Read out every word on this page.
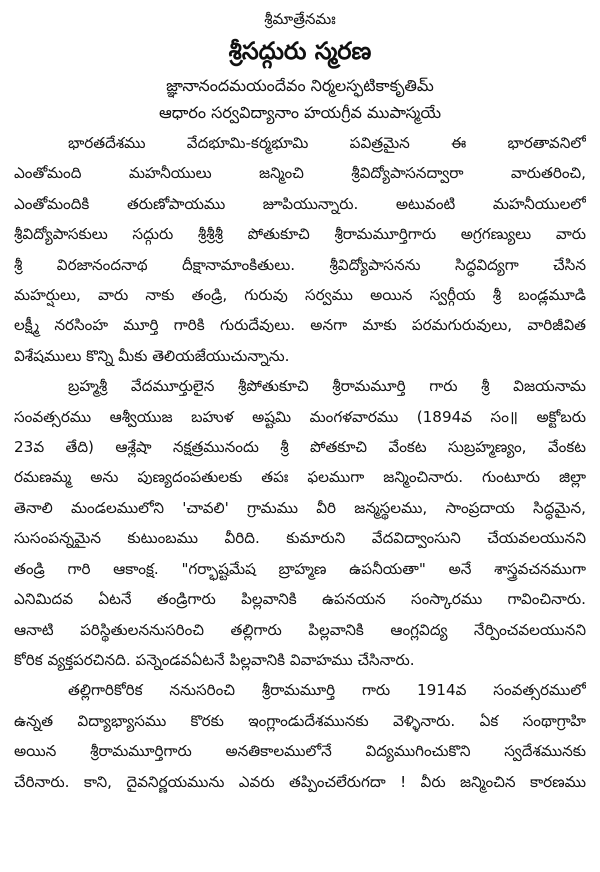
శ్రీమాత్రేనమః

శ్రీసద్గురు స్మరణ

జ్ఞానానందమయందేవం నిర్మలస్ఫటికాకృతిమ్

ఆధారం సర్వవిద్యానాం హయగ్రీవ ముపాస్మయే

భారతదేశము వేదభూమి-కర్మభూమి పవిత్రమైన ఈ భారతావనిలో
ఎంతోమంది మహనీయులు జన్మించి శ్రీవిద్యోపాసనద్వారా వారుతరించి,
ఎంతోమందికి తరుణోపాయము జూపియున్నారు. అటువంటి మహనీయులలో
శ్రీవిద్యోపాసకులు సద్గురు శ్రీశ్రీశ్రీ పోతుకూచి శ్రీరామమూర్తిగారు అగ్రగణ్యులు వారు
శ్రీ విరజానందనాథ దీక్షానామాంకితులు. శ్రీవిద్యోపాసనను సిద్ధవిద్యగా చేసిన
మహర్షులు, వారు నాకు తండ్రి, గురువు సర్వము అయిన స్వర్గీయ శ్రీ బండ్లమూడి
లక్ష్మీ నరసింహ మూర్తి గారికి గురుదేవులు. అనగా మాకు పరమగురువులు, వారిజీవిత
విశేషములు కొన్ని మీకు తెలియజేయుచున్నాను.

బ్రహ్మశ్రీ వేదమూర్తులైన శ్రీపోతుకూచి శ్రీరామమూర్తి గారు శ్రీ విజయనామ
సంవత్సరము ఆశ్వీయుజ బహుళ అష్టమి మంగళవారము (1894వ సం॥ అక్టోబరు
23వ తేది) ఆశ్లేషా నక్షత్రమునందు శ్రీ పోతకూచి వేంకట సుబ్రహ్మణ్యం, వేంకట
రమణమ్మ అను పుణ్యదంపతులకు తపః ఫలముగా జన్మించినారు. గుంటూరు జిల్లా
తెనాలి మండలములోని 'చావలి' గ్రామము వీరి జన్మస్థలము, సాంప్రదాయ సిద్ధమైన,
సుసంపన్నమైన కుటుంబము వీరిది. కుమారుని వేదవిద్వాంసుని చేయవలయునని
తండ్రి గారి ఆకాంక్ష. "గర్భాష్టమేష బ్రాహ్మణ ఉపనీయతా" అనే శాస్త్రవచనముగా
ఎనిమిదవ ఏటనే తండ్రిగారు పిల్లవానికి ఉపనయన సంస్కారము గావించినారు.
ఆనాటి పరిస్థితులననుసరించి తల్లిగారు పిల్లవానికి ఆంగ్లవిద్య నేర్పించవలయునని
కోరిక వ్యక్తపరచినది. పన్నెండవఏటనే పిల్లవానికి వివాహము చేసినారు.

తల్లిగారికోరిక ననుసరించి శ్రీరామమూర్తి గారు 1914వ సంవత్సరములో
ఉన్నత విద్యాభ్యాసము కొరకు ఇంగ్లాండుదేశమునకు వెళ్ళినారు. ఏక సంథాగ్రాహి
అయిన శ్రీరామమూర్తిగారు అనతికాలములోనే విద్యముగించుకొని స్వదేశమునకు
చేరినారు. కాని, దైవనిర్ణయమును ఎవరు తప్పించలేరుగదా ! వీరు జన్మించిన కారణము
